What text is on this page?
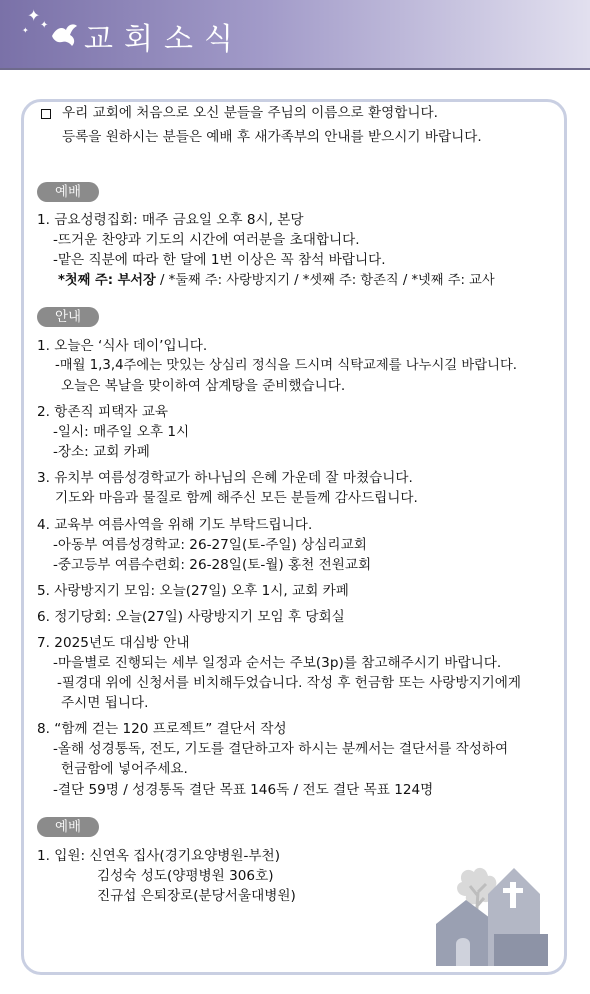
✦
✦
✦ 교회소식
우리 교회에 처음으로 오신 분들을 주님의 이름으로 환영합니다.
등록을 원하시는 분들은 예배 후 새가족부의 안내를 받으시기 바랍니다.
예배
1. 금요성령집회: 매주 금요일 오후 8시, 본당
-뜨거운 찬양과 기도의 시간에 여러분을 초대합니다.
-맡은 직분에 따라 한 달에 1번 이상은 꼭 참석 바랍니다.
*첫째 주: 부서장 / *둘째 주: 사랑방지기 / *셋째 주: 항존직 / *넷째 주: 교사
안내
1. 오늘은 ‘식사 데이’입니다.
-매월 1,3,4주에는 맛있는 상심리 정식을 드시며 식탁교제를 나누시길 바랍니다.
오늘은 복날을 맞이하여 삼계탕을 준비했습니다.
2. 항존직 피택자 교육
-일시: 매주일 오후 1시
-장소: 교회 카페
3. 유치부 여름성경학교가 하나님의 은혜 가운데 잘 마쳤습니다.
기도와 마음과 물질로 함께 해주신 모든 분들께 감사드립니다.
4. 교육부 여름사역을 위해 기도 부탁드립니다.
-아동부 여름성경학교: 26-27일(토-주일) 상심리교회
-중고등부 여름수련회: 26-28일(토-월) 홍천 전원교회
5. 사랑방지기 모임: 오늘(27일) 오후 1시, 교회 카페
6. 정기당회: 오늘(27일) 사랑방지기 모임 후 당회실
7. 2025년도 대심방 안내
-마을별로 진행되는 세부 일정과 순서는 주보(3p)를 참고해주시기 바랍니다.
-필경대 위에 신청서를 비치해두었습니다. 작성 후 헌금함 또는 사랑방지기에게
주시면 됩니다.
8. “함께 걷는 120 프로젝트” 결단서 작성
-올해 성경통독, 전도, 기도를 결단하고자 하시는 분께서는 결단서를 작성하여
헌금함에 넣어주세요.
-결단 59명 / 성경통독 결단 목표 146독 / 전도 결단 목표 124명
예배
1. 입원: 신연옥 집사(경기요양병원-부천)
김성숙 성도(양평병원 306호)
진규섭 은퇴장로(분당서울대병원)
